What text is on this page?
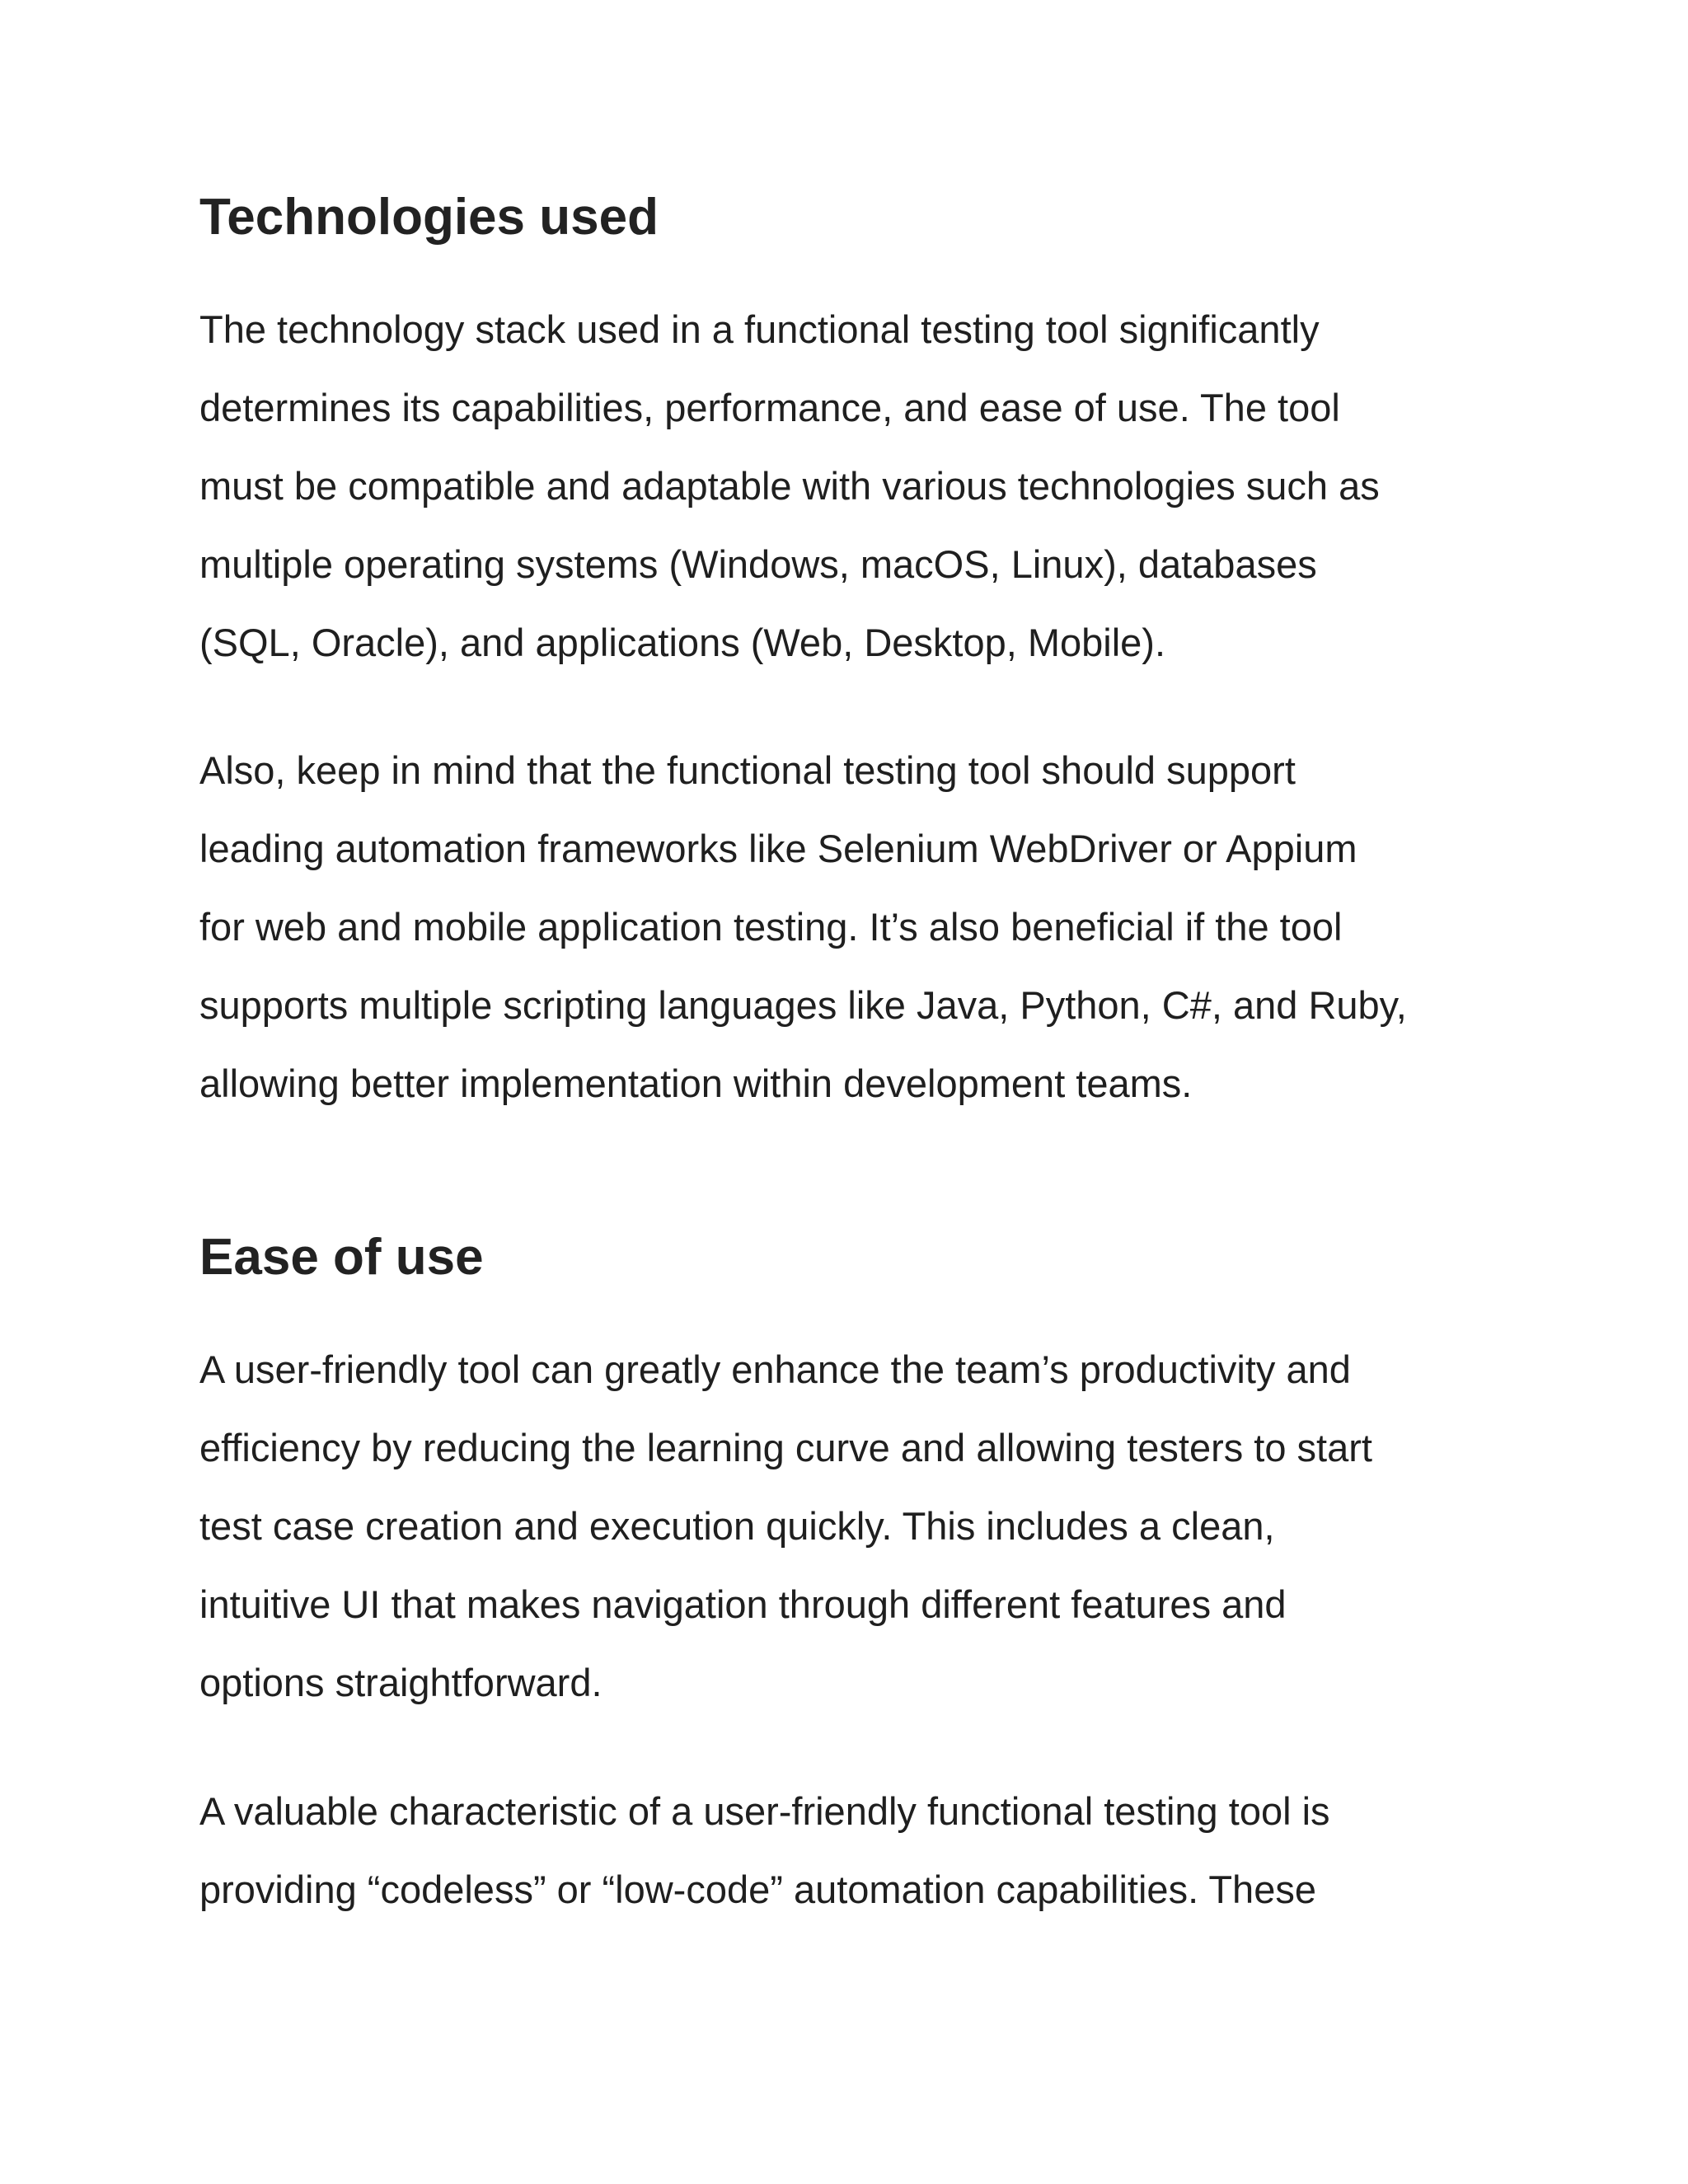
Technologies used

The technology stack used in a functional testing tool significantly
determines its capabilities, performance, and ease of use. The tool
must be compatible and adaptable with various technologies such as
multiple operating systems (Windows, macOS, Linux), databases
(SQL, Oracle), and applications (Web, Desktop, Mobile).

Also, keep in mind that the functional testing tool should support
leading automation frameworks like Selenium WebDriver or Appium
for web and mobile application testing. It’s also beneficial if the tool
supports multiple scripting languages like Java, Python, C#, and Ruby,
allowing better implementation within development teams.

Ease of use

A user-friendly tool can greatly enhance the team’s productivity and
efficiency by reducing the learning curve and allowing testers to start
test case creation and execution quickly. This includes a clean,
intuitive UI that makes navigation through different features and
options straightforward.

A valuable characteristic of a user-friendly functional testing tool is
providing “codeless” or “low-code” automation capabilities. These
